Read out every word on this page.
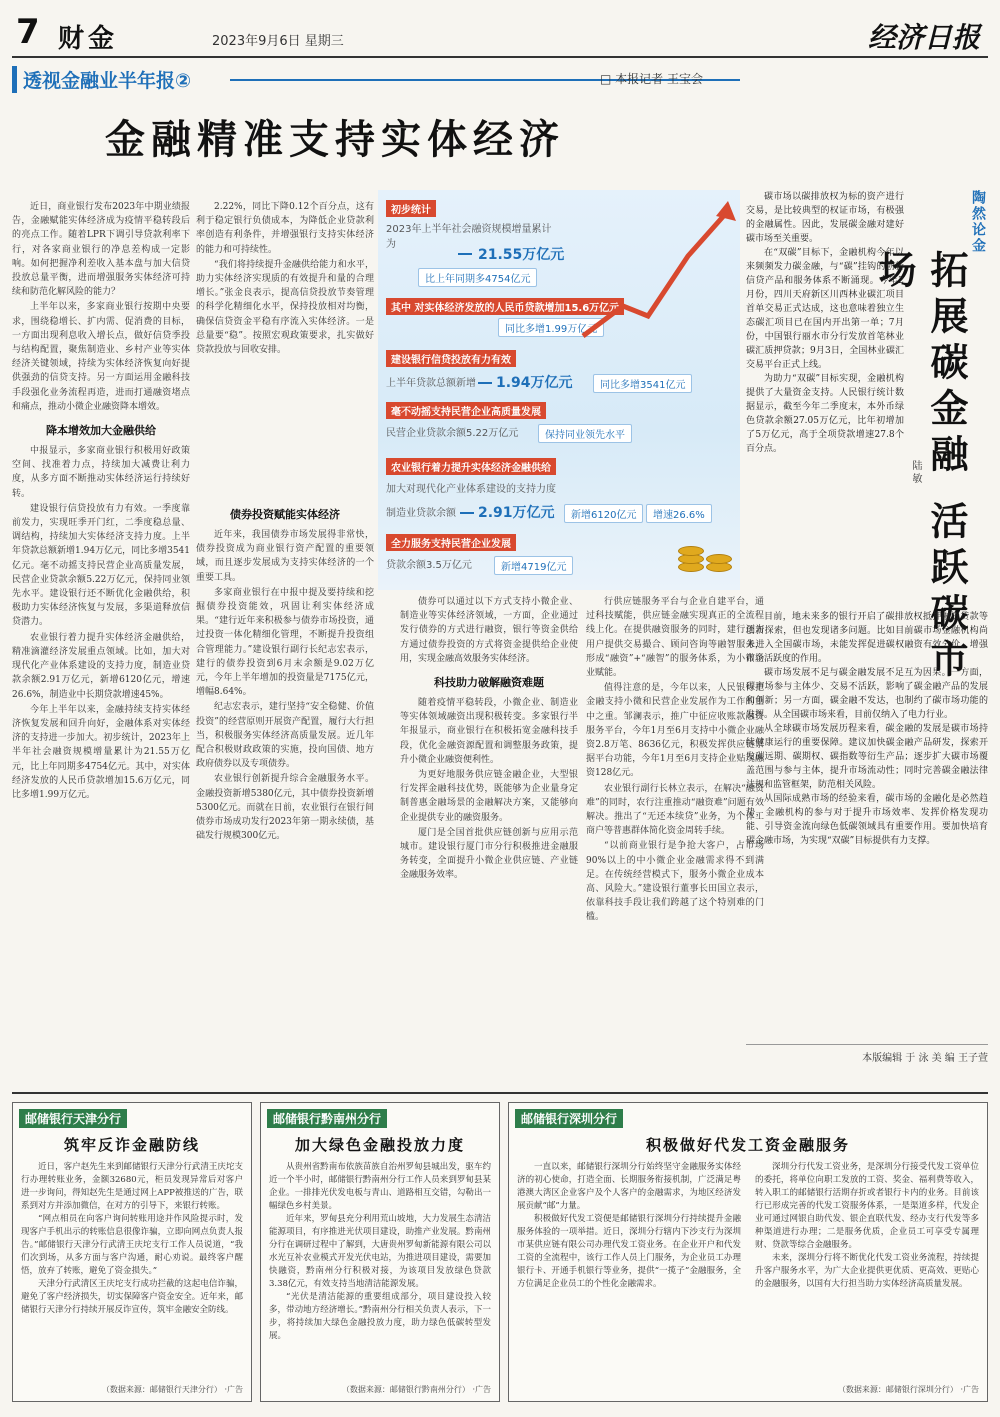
7 财金	2023年9月6日 星期三	经济日报
透视金融业半年报②	□ 本报记者 王宝会
金融精准支持实体经济

近日，商业银行发布2023年中期业绩报告，金融赋能实体经济成为疫情平稳转段后的亮点工作。随着LPR下调引导贷款利率下行，对各家商业银行的净息差构成一定影响。如何把握净利差收入基本盘与加大信贷投放总量平衡，进而增强服务实体经济可持续和防范化解风险的能力？

上半年以来，多家商业银行按期中央要求，围绕稳增长、扩内需、促消费的目标，一方面出现利息收入增长点，做好信贷季投与结构配置，聚焦制造业、乡村产业等实体经济关键领域，持续为实体经济恢复向好提供强劲的信贷支持。另一方面运用金融科技手段强化业务流程再造，进而打通融资堵点和痛点，推动小微企业融资降本增效。

降本增效加大金融供给

中报显示，多家商业银行积极用好政策空间、找准着力点，持续加大减费让利力度，从多方面不断推动实体经济运行持续好转。

建设银行信贷投放有力有效。一季度靠前发力，实现旺季开门红，二季度稳总量、调结构，持续加大实体经济支持力度。上半年贷款总额新增1.94万亿元，同比多增3541亿元。毫不动摇支持民营企业高质量发展，民营企业贷款余额5.22万亿元，保持同业领先水平。建设银行还不断优化金融供给，积极助力实体经济恢复与发展，多渠道释放信贷潜力。

农业银行着力提升实体经济金融供给，精准滴灌经济发展重点领域。比如，加大对现代化产业体系建设的支持力度，制造业贷款余额2.91万亿元，新增6120亿元，增速26.6%，制造业中长期贷款增速45%。

今年上半年以来，金融持续支持实体经济恢复发展和回升向好，金融体系对实体经济的支持进一步加大。初步统计，2023年上半年社会融资规模增量累计为21.55万亿元，比上年同期多4754亿元。其中，对实体经济发放的人民币贷款增加15.6万亿元，同比多增1.99万亿元。

2.22%，同比下降0.12个百分点，这有利于稳定银行负债成本，为降低企业贷款利率创造有利条件，并增强银行支持实体经济的能力和可持续性。

“我们将持续提升金融供给能力和水平，助力实体经济实现质的有效提升和量的合理增长。”张金良表示，提高信贷投放节奏管理的科学化精细化水平，保持投放相对均衡，确保信贷资金平稳有序流入实体经济。一是总量要“稳”。按照宏观政策要求，扎实做好贷款投放与回收安排。

债券投资赋能实体经济

近年来，我国债券市场发展得非常快，债券投资成为商业银行资产配置的重要领域，而且逐步发展成为支持实体经济的一个重要工具。

多家商业银行在中报中提及要持续和挖掘债券投资能效，巩固让利实体经济成果。“建行近年来积极参与债券市场投资，通过投资一体化精细化管理，不断提升投资组合管理能力。”建设银行副行长纪志宏表示，建行的债券投资到6月末余额是9.02万亿元，今年上半年增加的投资量是7175亿元，增幅8.64%。

纪志宏表示，建行坚持“安全稳健、价值投资”的经营原则开展资产配置，履行大行担当，积极服务实体经济高质量发展。近几年配合积极财政政策的实施，投向国债、地方政府债券以及专项债券。

农业银行创新提升综合金融服务水平。金融投资新增5380亿元，其中债券投资新增5300亿元。而就在日前，农业银行在银行间债券市场成功发行2023年第一期永续债，基础发行规模300亿元。

初步统计
2023年上半年社会融资规模增量累计为
21.55万亿元
比上年同期多4754亿元
其中 对实体经济发放的人民币贷款增加15.6万亿元
同比多增1.99万亿元
建设银行信贷投放有力有效
上半年贷款总额新增 1.94万亿元	同比多增3541亿元
毫不动摇支持民营企业高质量发展
民营企业贷款余额5.22万亿元	保持同业领先水平
农业银行着力提升实体经济金融供给
加大对现代化产业体系建设的支持力度
制造业贷款余额 2.91万亿元	新增6120亿元	增速26.6%
全力服务支持民营企业发展
贷款余额3.5万亿元	新增4719亿元

债券可以通过以下方式支持小微企业、制造业等实体经济领域，一方面，企业通过发行债券的方式进行融资，银行等资金供给方通过债券投资的方式将资金提供给企业使用，实现金融高效服务实体经济。

科技助力破解融资难题

随着疫情平稳转段，小微企业、制造业等实体领域融资出现积极转变。多家银行半年报显示，商业银行在积极拓宽金融科技手段，优化金融资源配置和调整服务政策，提升小微企业融资便利性。

为更好地服务供应链金融企业，大型银行发挥金融科技优势，既能够为企业量身定制普惠金融场景的金融解决方案，又能够向企业提供专业的融资服务。

厦门是全国首批供应链创新与应用示范城市。建设银行厦门市分行积极推进金融服务转变，全面提升小微企业供应链、产业链金融服务效率。

行供应链服务平台与企业自建平台，通过科技赋能，供应链金融实现真正的全流程线上化。在提供融资服务的同时，建行还为用户提供交易撮合、顾问咨询等融智服务，形成“融资”+“融智”的服务体系，为小微企业赋能。

值得注意的是，今年以来，人民银行把金融支持小微和民营企业发展作为工作的重中之重。邹澜表示，推广中征应收账款融资服务平台，今年1月至6月支持中小微企业融资2.8万笔、8636亿元，积极发挥供应链票据平台功能，今年1月至6月支持企业贴现融资128亿元。

农业银行副行长林立表示，在解决“融资难”的同时，农行注重推动“融资难”问题有效解决。推出了“无还本续贷”业务，为个体工商户等普惠群体简化资金周转手续。

“以前商业银行是争抢大客户，占市场90%以上的中小微企业金融需求得不到满足。在传统经营模式下，服务小微企业成本高、风险大。”建设银行董事长田国立表示，依靠科技手段让我们跨越了这个特别难的门槛。

陶然论金
拓展碳金融 活跃碳市场
陆 敏

碳市场以碳排放权为标的资产进行交易，是比较典型的权证市场，有极强的金融属性。因此，发展碳金融对建好碳市场至关重要。

在“双碳”目标下，金融机构今年以来频频发力碳金融，与“碳”挂钩的创新信贷产品和服务体系不断涌现。今年2月份，四川天府新区川西林业碳汇项目首单交易正式达成，这也意味着独立生态碳汇项目已在国内开出第一单；7月份，中国银行丽水市分行发放首笔林业碳汇质押贷款；9月3日，全国林业碳汇交易平台正式上线。

为助力“双碳”目标实现，金融机构提供了大量资金支持。人民银行统计数据显示，截至今年二季度末，本外币绿色贷款余额27.05万亿元，比年初增加了5万亿元，高于全项贷款增速27.8个百分点。

目前，地未来多的银行开启了碳排放权抵押融资贷款等创新探索，但也发现诸多问题。比如目前碳市场金融机构尚未进入全国碳市场，未能发挥促进碳权融资有效分价、增强市场活跃度的作用。

碳市场发展不足与碳金融发展不足互为因果。一方面，碳市场参与主体少、交易不活跃，影响了碳金融产品的发展和创新；另一方面，碳金融不发达，也制约了碳市场功能的发挥。从全国碳市场来看，目前仅纳入了电力行业。

从全球碳市场发展历程来看，碳金融的发展是碳市场持续健康运行的重要保障。建议加快碳金融产品研发，探索开发碳远期、碳期权、碳指数等衍生产品；逐步扩大碳市场覆盖范围与参与主体，提升市场流动性；同时完善碳金融法律法规和监管框架，防范相关风险。

从国际成熟市场的经验来看，碳市场的金融化是必然趋势，金融机构的参与对于提升市场效率、发挥价格发现功能、引导资金流向绿色低碳领域具有重要作用。要加快培育碳金融市场，为实现“双碳”目标提供有力支撑。

本版编辑 于 泳 美 编 王子萱
邮储银行天津分行
筑牢反诈金融防线

近日，客户赵先生来到邮储银行天津分行武清王庆坨支行办理转账业务，金额32680元，柜员发现异常后对客户进一步询问，得知赵先生是通过网上APP被推送的广告，联系到对方并添加微信，在对方的引导下，来银行转账。

“网点相员在向客户询问转账用途并作风险提示时，发现客户手机出示的转账信息很像诈骗，立即向网点负责人报告。”邮储银行天津分行武清王庆坨支行工作人员说道，“我们次到场，从多方面与客户沟通，耐心劝说。最终客户醒悟，放弃了转账，避免了资金损失。”

天津分行武清区王庆坨支行成功拦截的这起电信诈骗，避免了客户经济损失，切实保障客户资金安全。近年来，邮储银行天津分行持续开展反诈宣传，筑牢金融安全防线。

（数据来源：邮储银行天津分行） ·广告
邮储银行黔南州分行
加大绿色金融投放力度

从贵州省黔南布依族苗族自治州罗甸县城出发，驱车约近一个半小时，邮储银行黔南州分行工作人员来到罗甸县某企业。一排排光伏发电板与青山、道路相互交错，勾勒出一幅绿色乡村美景。

近年来，罗甸县充分利用荒山坡地，大力发展生态清洁能源项目，有序推进光伏项目建设，助推产业发展。黔南州分行在调研过程中了解到，大唐贵州罗甸新能源有限公司以水光互补农业模式开发光伏电站，为推进项目建设，需要加快融资，黔南州分行积极对接，为该项目发放绿色贷款3.38亿元，有效支持当地清洁能源发展。

“光伏是清洁能源的重要组成部分，项目建设投入较多，带动地方经济增长。”黔南州分行相关负责人表示，下一步，将持续加大绿色金融投放力度，助力绿色低碳转型发展。

（数据来源：邮储银行黔南州分行） ·广告
邮储银行深圳分行
积极做好代发工资金融服务

一直以来，邮储银行深圳分行始终坚守金融服务实体经济的初心使命，打造全面、长期服务衔接机制，广泛满足粤港澳大湾区企业客户及个人客户的金融需求，为地区经济发展贡献“邮”力量。

积极做好代发工资便是邮储银行深圳分行持续提升金融服务体验的一项举措。近日，深圳分行辖内下沙支行为深圳市某供应链有限公司办理代发工资业务。在企业开户和代发工资的全流程中，该行工作人员上门服务，为企业员工办理银行卡、开通手机银行等业务，提供“一揽子”金融服务，全方位满足企业员工的个性化金融需求。

深圳分行代发工资业务，是深圳分行接受代发工资单位的委托，将单位向职工发放的工资、奖金、福利费等收入，转入职工的邮储银行活期存折或者银行卡内的业务。目前该行已形成完善的代发工资服务体系，一是渠道多样，代发企业可通过网银自助代发、银企直联代发、经办支行代发等多种渠道进行办理；二是服务优质，企业员工可享受专属理财、贷款等综合金融服务。

未来，深圳分行将不断优化代发工资业务流程，持续提升客户服务水平，为广大企业提供更优质、更高效、更贴心的金融服务，以国有大行担当助力实体经济高质量发展。

（数据来源：邮储银行深圳分行） ·广告
